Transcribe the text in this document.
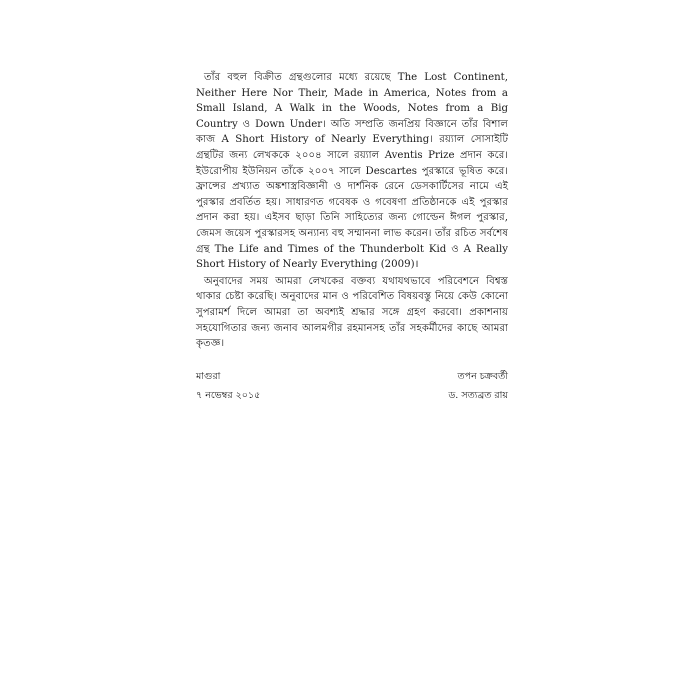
তাঁর বহুল বিক্রীত গ্রন্থগুলোর মধ্যে রয়েছে The Lost Continent, Neither Here Nor Their, Made in America, Notes from a Small Island, A Walk in the Woods, Notes from a Big Country ও Down Under। অতি সম্প্রতি জনপ্রিয় বিজ্ঞানে তাঁর বিশাল কাজ A Short History of Nearly Everything। রয়্যাল সোসাইটি গ্রন্থটির জন্য লেখককে ২০০৪ সালে রয়্যাল Aventis Prize প্রদান করে। ইউরোপীয় ইউনিয়ন তাঁকে ২০০৭ সালে Descartes পুরস্কারে ভূষিত করে। ফ্রান্সের প্রখ্যাত অঙ্কশাস্ত্রবিজ্ঞানী ও দার্শনিক রেনে ডেসকার্টিসের নামে এই পুরস্কার প্রবর্তিত হয়। সাধারণত গবেষক ও গবেষণা প্রতিষ্ঠানকে এই পুরস্কার প্রদান করা হয়। এইসব ছাড়া তিনি সাহিত্যের জন্য গোল্ডেন ঈগল পুরস্কার, জেমস জয়েস পুরস্কারসহ অন্যান্য বহু সম্মাননা লাভ করেন। তাঁর রচিত সর্বশেষ গ্রন্থ The Life and Times of the Thunderbolt Kid ও A Really Short History of Nearly Everything (2009)।

অনুবাদের সময় আমরা লেখকের বক্তব্য যথাযথভাবে পরিবেশনে বিশ্বস্ত থাকার চেষ্টা করেছি। অনুবাদের মান ও পরিবেশিত বিষয়বস্তু নিয়ে কেউ কোনো সুপরামর্শ দিলে আমরা তা অবশ্যই শ্রদ্ধার সঙ্গে গ্রহণ করবো। প্রকাশনায় সহযোগিতার জন্য জনাব আলমগীর রহমানসহ তাঁর সহকর্মীদের কাছে আমরা কৃতজ্ঞ।

মাগুরা	তপন চক্রবর্তী
৭ নভেম্বর ২০১৫	ড. সত্যব্রত রায়
